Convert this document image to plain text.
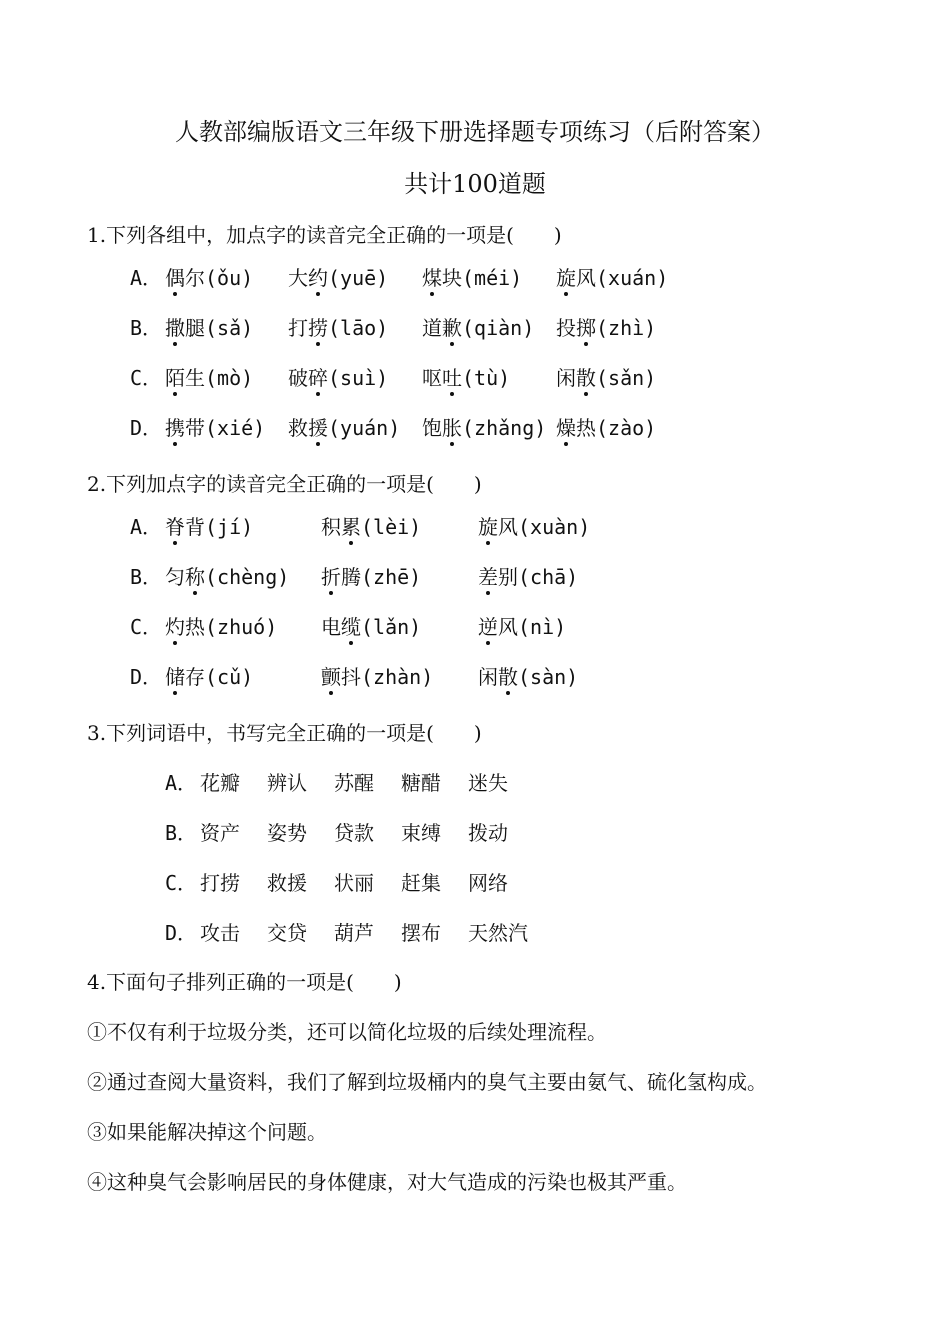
人教部编版语文三年级下册选择题专项练习（后附答案）
共计100道题
1.下列各组中，加点字的读音完全正确的一项是(　　)
A． 偶尔(ǒu) 大约(yuē) 煤块(méi) 旋风(xuán)
B． 撒腿(sǎ) 打捞(lāo) 道歉(qiàn) 投掷(zhì)
C． 陌生(mò) 破碎(suì) 呕吐(tù) 闲散(sǎn)
D． 携带(xié) 救援(yuán) 饱胀(zhǎng) 燥热(zào)
2.下列加点字的读音完全正确的一项是(　　)
A． 脊背(jí)	积累(lèi)	旋风(xuàn)
B． 匀称(chèng) 折腾(zhē)	差别(chā)
C． 灼热(zhuó) 电缆(lǎn)	逆风(nì)
D． 储存(cǔ)	颤抖(zhàn) 闲散(sàn)
3.下列词语中，书写完全正确的一项是(　　)
A． 花瓣 辨认 苏醒 糖醋 迷失
B． 资产 姿势 贷款 束缚 拨动
C． 打捞 救援 状丽 赶集 网络
D． 攻击 交贷 葫芦 摆布 天然汽
4.下面句子排列正确的一项是(　　)
①不仅有利于垃圾分类，还可以简化垃圾的后续处理流程。
②通过查阅大量资料，我们了解到垃圾桶内的臭气主要由氨气、硫化氢构成。
③如果能解决掉这个问题。
④这种臭气会影响居民的身体健康，对大气造成的污染也极其严重。
